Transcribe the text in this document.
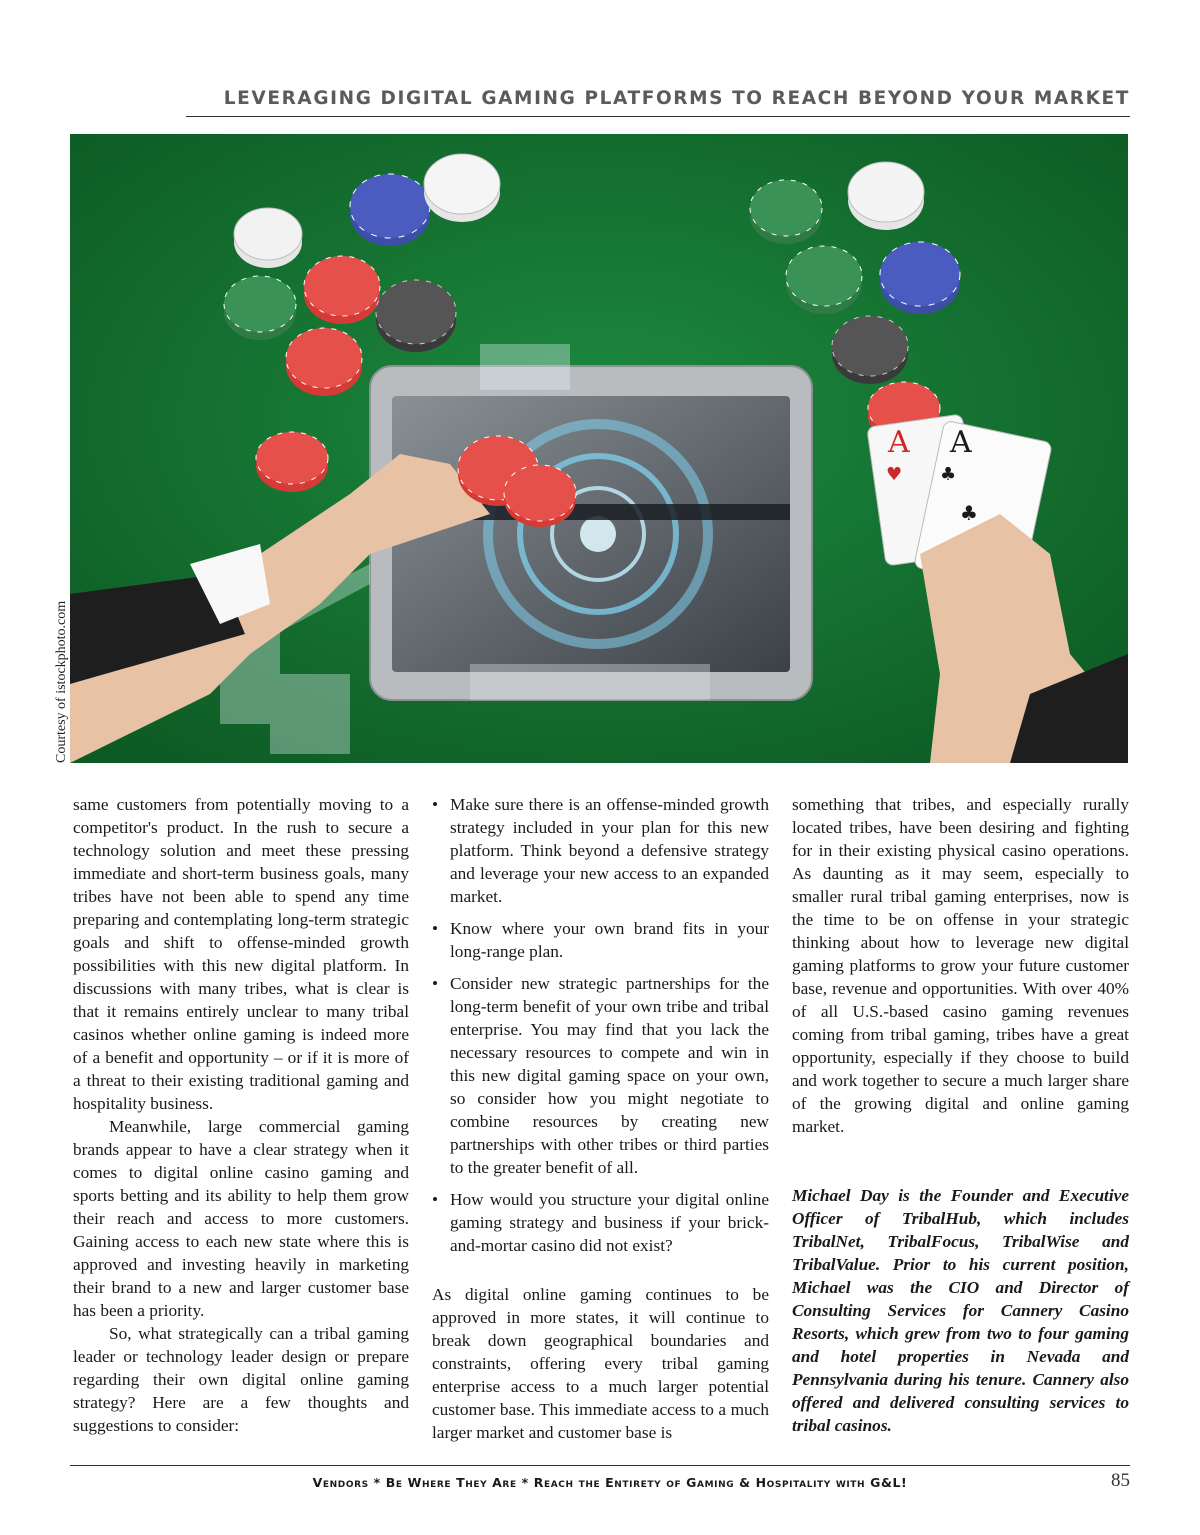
LEVERAGING DIGITAL GAMING PLATFORMS TO REACH BEYOND YOUR MARKET
A
♥
A
♣
♣
Courtesy of istockphoto.com

same customers from potentially moving to a competitor's product. In the rush to secure a technology solution and meet these pressing immediate and short-term business goals, many tribes have not been able to spend any time preparing and contemplating long-term strategic goals and shift to offense-minded growth possibilities with this new digital platform. In discussions with many tribes, what is clear is that it remains entirely unclear to many tribal casinos whether online gaming is indeed more of a benefit and opportunity – or if it is more of a threat to their existing traditional gaming and hospitality business.

Meanwhile, large commercial gaming brands appear to have a clear strategy when it comes to digital online casino gaming and sports betting and its ability to help them grow their reach and access to more customers. Gaining access to each new state where this is approved and investing heavily in marketing their brand to a new and larger customer base has been a priority.

So, what strategically can a tribal gaming leader or technology leader design or prepare regarding their own digital online gaming strategy? Here are a few thoughts and suggestions to consider:

• Make sure there is an offense-minded growth strategy included in your plan for this new platform. Think beyond a defensive strategy and leverage your new access to an expanded market.
• Know where your own brand fits in your long-range plan.
• Consider new strategic partnerships for the long-term benefit of your own tribe and tribal enterprise. You may find that you lack the necessary resources to compete and win in this new digital gaming space on your own, so consider how you might negotiate to combine resources by creating new partnerships with other tribes or third parties to the greater benefit of all.
• How would you structure your digital online gaming strategy and business if your brick-and-mortar casino did not exist?

As digital online gaming continues to be approved in more states, it will continue to break down geographical boundaries and constraints, offering every tribal gaming enterprise access to a much larger potential customer base. This immediate access to a much larger market and customer base is

something that tribes, and especially rurally located tribes, have been desiring and fighting for in their existing physical casino operations. As daunting as it may seem, especially to smaller rural tribal gaming enterprises, now is the time to be on offense in your strategic thinking about how to leverage new digital gaming platforms to grow your future customer base, revenue and opportunities. With over 40% of all U.S.-based casino gaming revenues coming from tribal gaming, tribes have a great opportunity, especially if they choose to build and work together to secure a much larger share of the growing digital and online gaming market.

Michael Day is the Founder and Executive Officer of TribalHub, which includes TribalNet, TribalFocus, TribalWise and TribalValue. Prior to his current position, Michael was the CIO and Director of Consulting Services for Cannery Casino Resorts, which grew from two to four gaming and hotel properties in Nevada and Pennsylvania during his tenure. Cannery also offered and delivered consulting services to tribal casinos.

Vendors * Be Where They Are * Reach the Entirety of Gaming & Hospitality with G&L!	85
